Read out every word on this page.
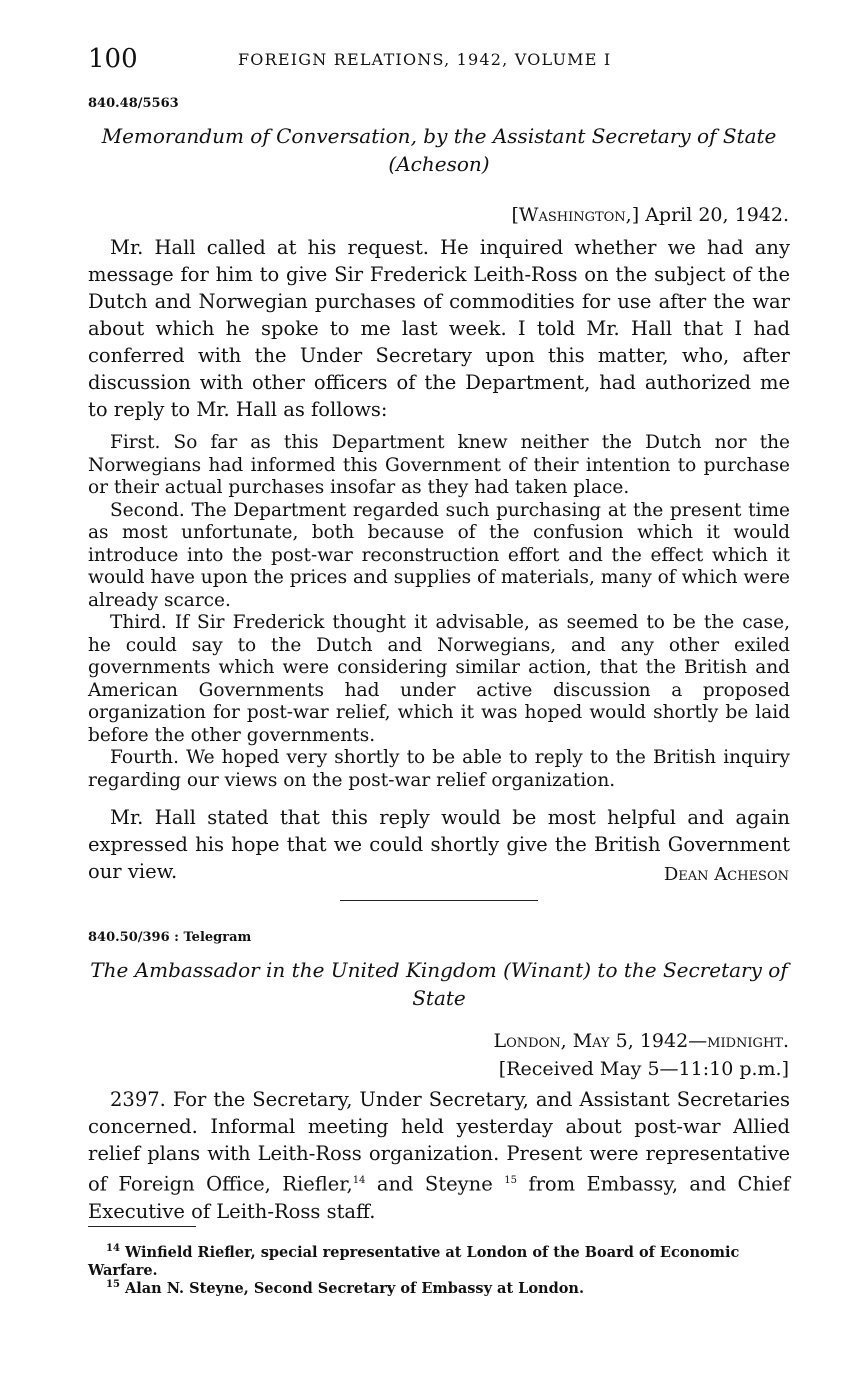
100	FOREIGN RELATIONS, 1942, VOLUME I
840.48/5563
Memorandum of Conversation, by the Assistant Secretary of State (Acheson)
[Washington,] April 20, 1942.
Mr. Hall called at his request. He inquired whether we had any message for him to give Sir Frederick Leith-Ross on the subject of the Dutch and Norwegian purchases of commodities for use after the war about which he spoke to me last week. I told Mr. Hall that I had conferred with the Under Secretary upon this matter, who, after discussion with other officers of the Department, had authorized me to reply to Mr. Hall as follows:
First. So far as this Department knew neither the Dutch nor the Norwegians had informed this Government of their intention to purchase or their actual purchases insofar as they had taken place.
Second. The Department regarded such purchasing at the present time as most unfortunate, both because of the confusion which it would introduce into the post-war reconstruction effort and the effect which it would have upon the prices and supplies of materials, many of which were already scarce.
Third. If Sir Frederick thought it advisable, as seemed to be the case, he could say to the Dutch and Norwegians, and any other exiled governments which were considering similar action, that the British and American Governments had under active discussion a proposed organization for post-war relief, which it was hoped would shortly be laid before the other governments.
Fourth. We hoped very shortly to be able to reply to the British inquiry regarding our views on the post-war relief organization.
Mr. Hall stated that this reply would be most helpful and again expressed his hope that we could shortly give the British Government our view.	Dean Acheson
840.50/396 : Telegram
The Ambassador in the United Kingdom (Winant) to the Secretary of State
London, May 5, 1942—midnight.
[Received May 5—11:10 p.m.]
2397. For the Secretary, Under Secretary, and Assistant Secretaries concerned. Informal meeting held yesterday about post-war Allied relief plans with Leith-Ross organization. Present were representative of Foreign Office, Riefler,$^{14}$ and Steyne $^{15}$ from Embassy, and Chief Executive of Leith-Ross staff.
$^{14}$ Winfield Riefler, special representative at London of the Board of Economic Warfare.
$^{15}$ Alan N. Steyne, Second Secretary of Embassy at London.
